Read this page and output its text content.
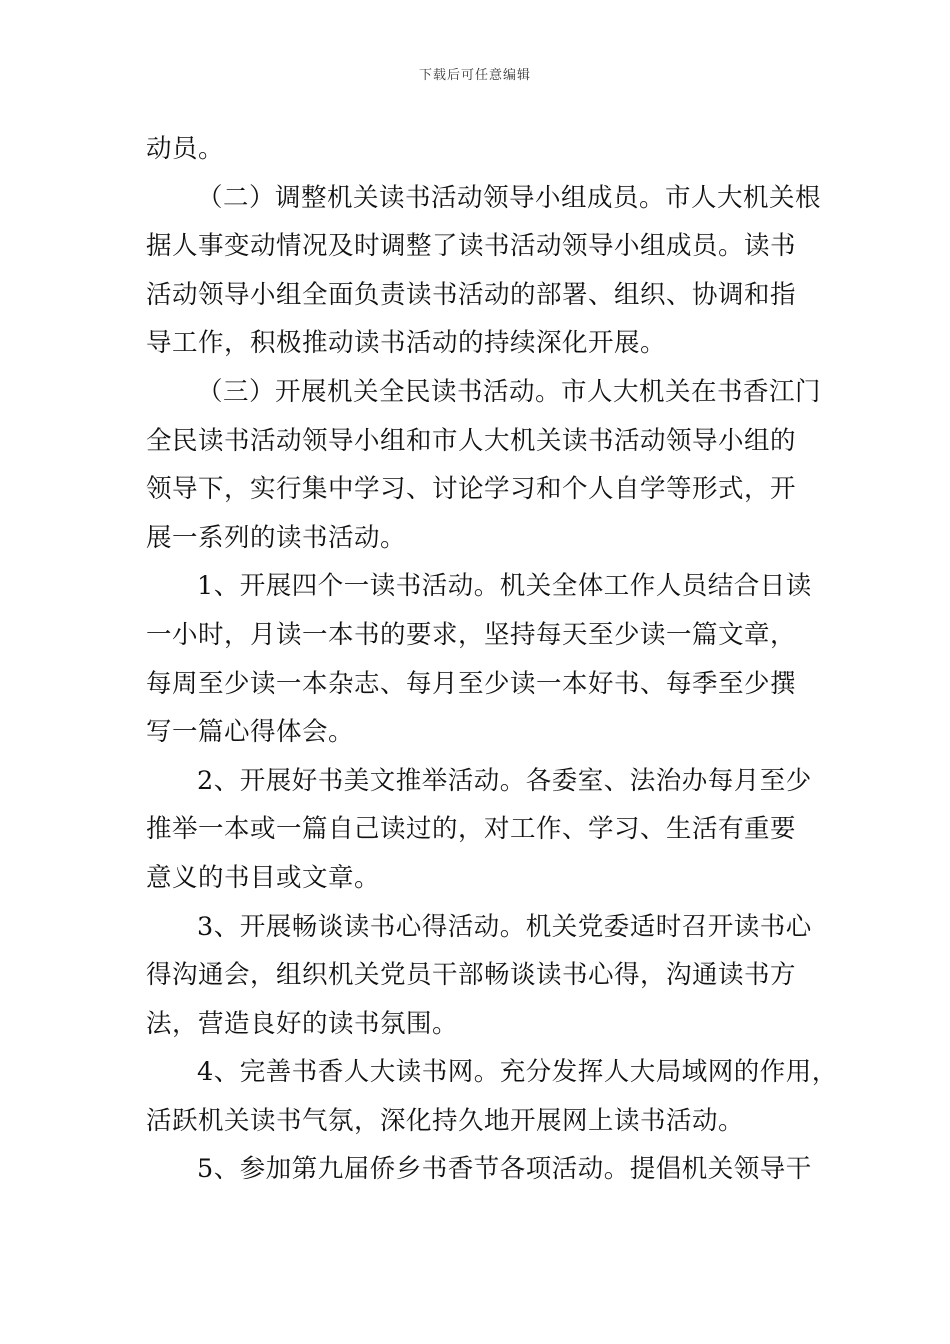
下载后可任意编辑
动员。
（二）调整机关读书活动领导小组成员。市人大机关根
据人事变动情况及时调整了读书活动领导小组成员。读书
活动领导小组全面负责读书活动的部署、组织、协调和指
导工作，积极推动读书活动的持续深化开展。
（三）开展机关全民读书活动。市人大机关在书香江门
全民读书活动领导小组和市人大机关读书活动领导小组的
领导下，实行集中学习、讨论学习和个人自学等形式，开
展一系列的读书活动。
1、开展四个一读书活动。机关全体工作人员结合日读
一小时，月读一本书的要求，坚持每天至少读一篇文章，
每周至少读一本杂志、每月至少读一本好书、每季至少撰
写一篇心得体会。
2、开展好书美文推举活动。各委室、法治办每月至少
推举一本或一篇自己读过的，对工作、学习、生活有重要
意义的书目或文章。
3、开展畅谈读书心得活动。机关党委适时召开读书心
得沟通会，组织机关党员干部畅谈读书心得，沟通读书方
法，营造良好的读书氛围。
4、完善书香人大读书网。充分发挥人大局域网的作用，
活跃机关读书气氛，深化持久地开展网上读书活动。
5、参加第九届侨乡书香节各项活动。提倡机关领导干
